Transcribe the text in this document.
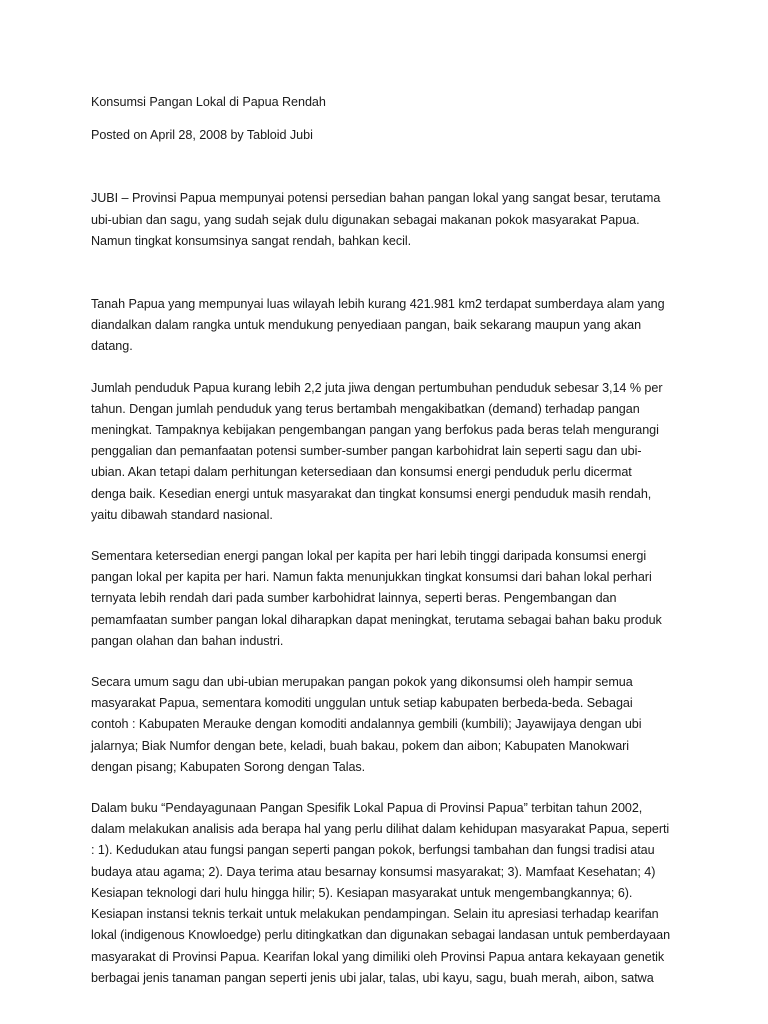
Konsumsi Pangan Lokal di Papua Rendah
Posted on April 28, 2008 by Tabloid Jubi
JUBI – Provinsi Papua mempunyai potensi persedian bahan pangan lokal yang sangat besar, terutama
ubi-ubian dan sagu, yang sudah sejak dulu digunakan sebagai makanan pokok masyarakat Papua.
Namun tingkat konsumsinya sangat rendah, bahkan kecil.
Tanah Papua yang mempunyai luas wilayah lebih kurang 421.981 km2 terdapat sumberdaya alam yang
diandalkan dalam rangka untuk mendukung penyediaan pangan, baik sekarang maupun yang akan
datang.
Jumlah penduduk Papua kurang lebih 2,2 juta jiwa dengan pertumbuhan penduduk sebesar 3,14 % per
tahun. Dengan jumlah penduduk yang terus bertambah mengakibatkan (demand) terhadap pangan
meningkat. Tampaknya kebijakan pengembangan pangan yang berfokus pada beras telah mengurangi
penggalian dan pemanfaatan potensi sumber-sumber pangan karbohidrat lain seperti sagu dan ubi-
ubian. Akan tetapi dalam perhitungan ketersediaan dan konsumsi energi penduduk perlu dicermat
denga baik. Kesedian energi untuk masyarakat dan tingkat konsumsi energi penduduk masih rendah,
yaitu dibawah standard nasional.
Sementara ketersedian energi pangan lokal per kapita per hari lebih tinggi daripada konsumsi energi
pangan lokal per kapita per hari. Namun fakta menunjukkan tingkat konsumsi dari bahan lokal perhari
ternyata lebih rendah dari pada sumber karbohidrat lainnya, seperti beras. Pengembangan dan
pemamfaatan sumber pangan lokal diharapkan dapat meningkat, terutama sebagai bahan baku produk
pangan olahan dan bahan industri.
Secara umum sagu dan ubi-ubian merupakan pangan pokok yang dikonsumsi oleh hampir semua
masyarakat Papua, sementara komoditi unggulan untuk setiap kabupaten berbeda-beda. Sebagai
contoh : Kabupaten Merauke dengan komoditi andalannya gembili (kumbili); Jayawijaya dengan ubi
jalarnya; Biak Numfor dengan bete, keladi, buah bakau, pokem dan aibon; Kabupaten Manokwari
dengan pisang; Kabupaten Sorong dengan Talas.
Dalam buku “Pendayagunaan Pangan Spesifik Lokal Papua di Provinsi Papua” terbitan tahun 2002,
dalam melakukan analisis ada berapa hal yang perlu dilihat dalam kehidupan masyarakat Papua, seperti
: 1). Kedudukan atau fungsi pangan seperti pangan pokok, berfungsi tambahan dan fungsi tradisi atau
budaya atau agama; 2). Daya terima atau besarnay konsumsi masyarakat; 3). Mamfaat Kesehatan; 4)
Kesiapan teknologi dari hulu hingga hilir; 5). Kesiapan masyarakat untuk mengembangkannya; 6).
Kesiapan instansi teknis terkait untuk melakukan pendampingan. Selain itu apresiasi terhadap kearifan
lokal (indigenous Knowloedge) perlu ditingkatkan dan digunakan sebagai landasan untuk pemberdayaan
masyarakat di Provinsi Papua. Kearifan lokal yang dimiliki oleh Provinsi Papua antara kekayaan genetik
berbagai jenis tanaman pangan seperti jenis ubi jalar, talas, ubi kayu, sagu, buah merah, aibon, satwa
